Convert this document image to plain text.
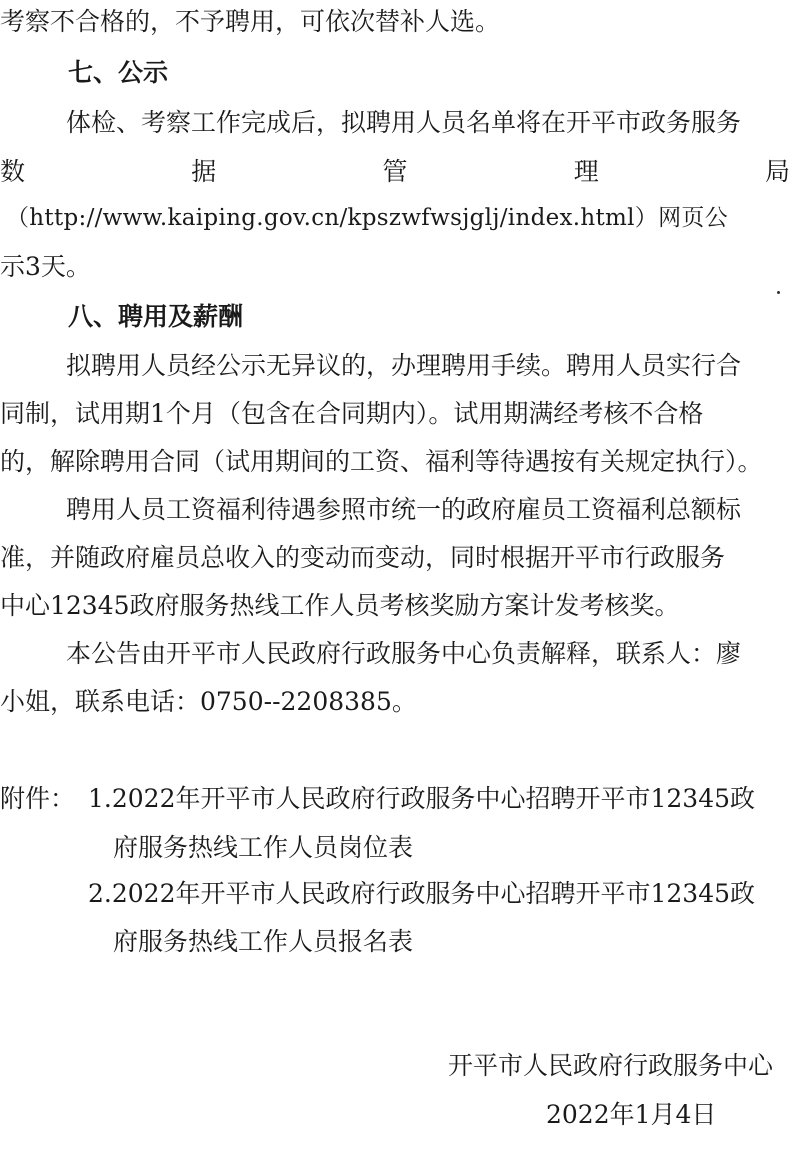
考察不合格的，不予聘用，可依次替补人选。
七、公示
体检、考察工作完成后，拟聘用人员名单将在开平市政务服务
数	据	管	理	局
（http://www.kaiping.gov.cn/kpszwfwsjglj/index.html）网页公
示3天。
八、聘用及薪酬
拟聘用人员经公示无异议的，办理聘用手续。聘用人员实行合
同制，试用期1个月（包含在合同期内）。试用期满经考核不合格
的，解除聘用合同（试用期间的工资、福利等待遇按有关规定执行）。
聘用人员工资福利待遇参照市统一的政府雇员工资福利总额标
准，并随政府雇员总收入的变动而变动，同时根据开平市行政服务
中心12345政府服务热线工作人员考核奖励方案计发考核奖。
本公告由开平市人民政府行政服务中心负责解释，联系人：廖
小姐，联系电话：0750--2208385。
附件： 1.2022年开平市人民政府行政服务中心招聘开平市12345政
府服务热线工作人员岗位表
2.2022年开平市人民政府行政服务中心招聘开平市12345政
府服务热线工作人员报名表
开平市人民政府行政服务中心
2022年1月4日
